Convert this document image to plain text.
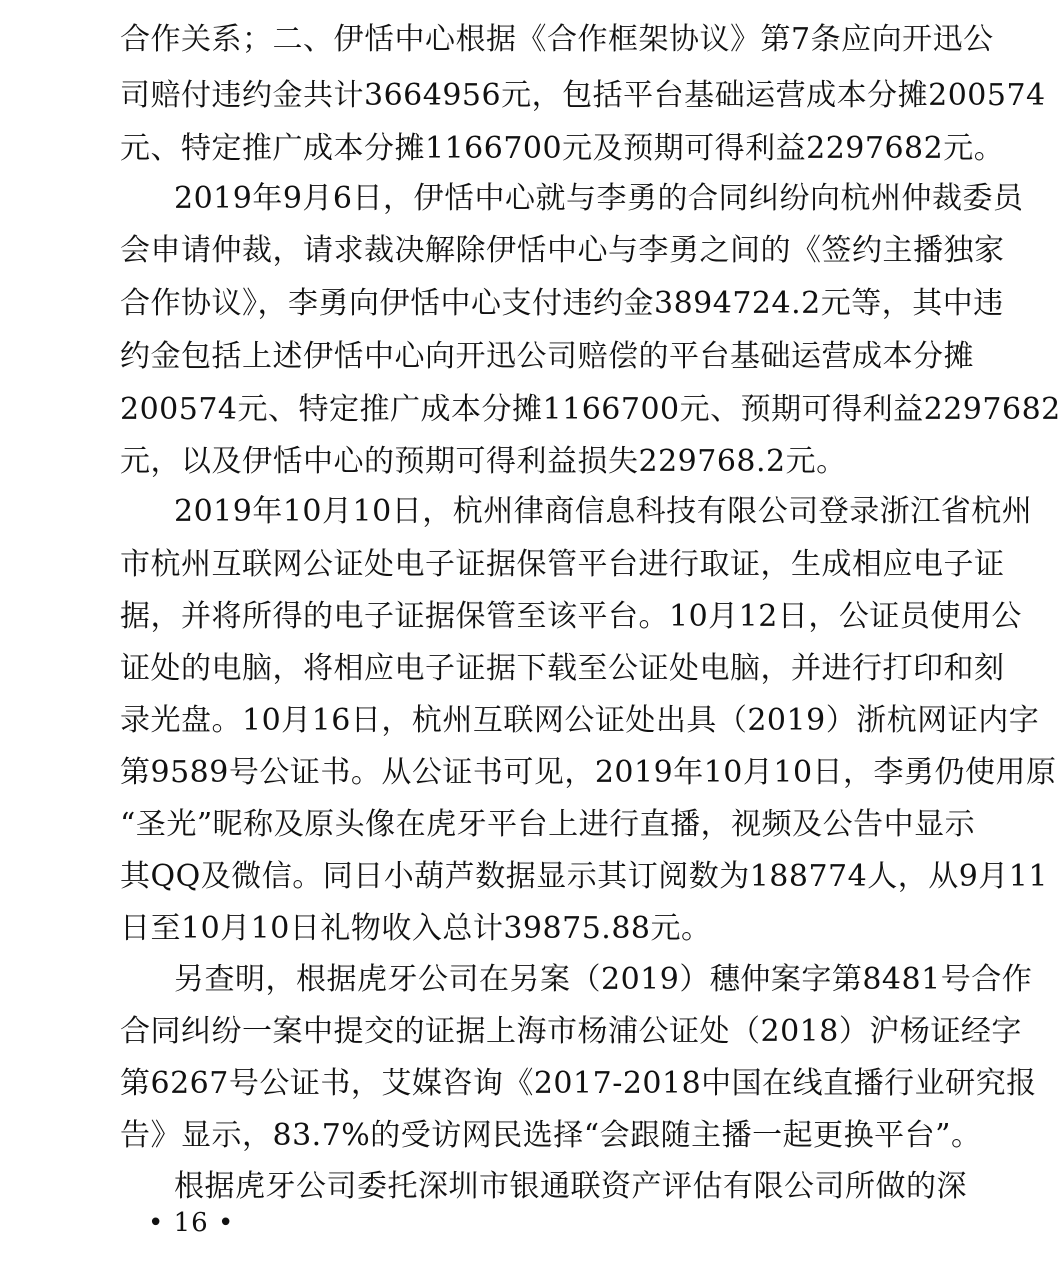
合作关系；二、伊恬中心根据《合作框架协议》第7条应向开迅公
司赔付违约金共计3664956元，包括平台基础运营成本分摊200574
元、特定推广成本分摊1166700元及预期可得利益2297682元。
2019年9月6日，伊恬中心就与李勇的合同纠纷向杭州仲裁委员
会申请仲裁，请求裁决解除伊恬中心与李勇之间的《签约主播独家
合作协议》，李勇向伊恬中心支付违约金3894724.2元等，其中违
约金包括上述伊恬中心向开迅公司赔偿的平台基础运营成本分摊
200574元、特定推广成本分摊1166700元、预期可得利益2297682
元，以及伊恬中心的预期可得利益损失229768.2元。
2019年10月10日，杭州律商信息科技有限公司登录浙江省杭州
市杭州互联网公证处电子证据保管平台进行取证，生成相应电子证
据，并将所得的电子证据保管至该平台。10月12日，公证员使用公
证处的电脑，将相应电子证据下载至公证处电脑，并进行打印和刻
录光盘。10月16日，杭州互联网公证处出具（2019）浙杭网证内字
第9589号公证书。从公证书可见，2019年10月10日，李勇仍使用原
“圣光”昵称及原头像在虎牙平台上进行直播，视频及公告中显示
其QQ及微信。同日小葫芦数据显示其订阅数为188774人，从9月11
日至10月10日礼物收入总计39875.88元。
另查明，根据虎牙公司在另案（2019）穗仲案字第8481号合作
合同纠纷一案中提交的证据上海市杨浦公证处（2018）沪杨证经字
第6267号公证书，艾媒咨询《2017-2018中国在线直播行业研究报
告》显示，83.7%的受访网民选择“会跟随主播一起更换平台”。
根据虎牙公司委托深圳市银通联资产评估有限公司所做的深
• 16 •
